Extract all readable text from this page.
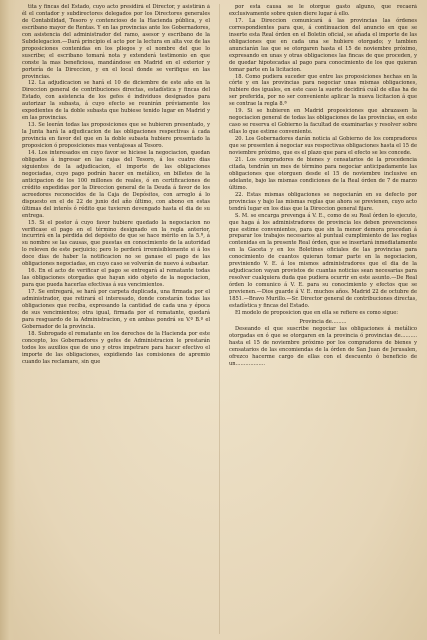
tita y fincas del Estado, cuyo acto presidirá el Director, y asistirán á él el contador y subdirectores delegados por los Directores generales de Contabilidad, Tesoro y contencioso de la Hacienda pública, y el escribano mayor de Rentas. Y en las provincias ante los Gobernadores, con asistencia del administrador del ramo, asesor y escribano de la Subdelegacion.—Dará principio el acto por la lectura en alta voz de las proposiciones contenidas en los pliegos y el nombre del que lo suscribe; el escribano tomará nota y extenderá testimonio en que conste la mas beneficiosa, mandándose en Madrid en el exterior y portería de la Direccion, y en el local donde se verifique en las provincias.

12. La adjudicacion se hará el 10 de diciembre de este año en la Direccion general de contribuciones directas, estadística y fincas del Estado, con asistencia de los gefes é individuos designados para autorizar la subasta, á cuyo efecto se reunirán préviamente los expedientes de la doble subasta que hubiese tenido lugar en Madrid y en las provincias.

13. Se leerán todas las proposiciones que se hubieren presentado, y la Junta hará la adjudicacion de las obligaciones respectivas á cada provincia en favor del que en la doble subasta hubiere presentado la proposicion ó proposiciones mas ventajosas al Tesoro.

14. Los interesados en cuyo favor se hiciese la negociacion, quedan obligados á ingresar en las cajas del Tesoro, á los cuatro dias siguientes de la adjudicacion, el importe de las obligaciones negociadas, cuyo pago podrán hacer en metálico, en billetes de la anticipacion de los 100 millones de reales, ó en certificaciones de crédito expedidas por la Direccion general de la Deuda á favor de los acreedores reconocidos de la Caja de Depósitos, con arreglo á lo dispuesto en el de 22 de junio del año último, con abono en estas últimas del interés ó rédito que tuvieren devengado hasta el dia de su entrega.

15. Si el postor á cuyo favor hubiere quedado la negociacion no verificase el pago en el término designado en la regla anterior, incurrirá en la pérdida del depósito de que se hace mérito en la 5.ª, á su nombre se las causas, que puestas en conocimiento de la autoridad lo releven de este perjuicio; pero lo perderá irremisiblemente si á los doce dias de haber la notificacion no se ganase el pago de las obligaciones negociadas, en cuyo caso se volverán de nuevo á subastar.

16. En el acto de verificar el pago se entregará al rematante todas las obligaciones otorgadas que hayan sido objeto de la negociacion, para que pueda hacerlas efectivas á sus vencimientos.

17. Se entregará, se hará por carpeta duplicada, una firmada por el administrador, que retirará el interesado, donde constarán todas las obligaciones que reciba, expresando la cantidad de cada una y época de sus vencimientos; otra igual, firmada por el rematante, quedará para resguardo de la Administracion, y en ambas pondrá su V.º B.º el Gobernador de la provincia.

18. Subrogado el rematante en los derechos de la Hacienda por este concepto, los Gobernadores y gefes de Administracion le prestarán todos los auxilios que de uno y otros impetrare para hacer efectivo el importe de las obligaciones, expidiendo las comisiones de apremio cuando las reclamare, sin que

por esta causa se le otorgue gasto alguno, que recaerá exclusivamente sobre quien diere lugar á ello.

17. La Direccion comunicará á las provincias las órdenes correspondientes para que, á continuacion del anuncio en que se inserte esta Real órden en el Boletin oficial, se añada el importe de las obligaciones que en cada una se hubiere otorgado; y tambien anunciarán las que se otorgaren hasta el 15 de noviembre próximo, expresando en unas y otras obligaciones las fincas de que proceden, y de quedar hipotecadas al pago para conocimiento de los que quieran tomar parte en la licitacion.

18. Como pudiera suceder que entre las proposiciones hechas en la córte y en las provincias para negociar unas mismas obligaciones, hubiere dos iguales, en este caso la suerte decidirá cuál de ellas ha de ser preferida, por no ser conveniente aplicar la nueva licitacion á que se contrae la regla 8.ª

19. Si se hubieren en Madrid proposiciones que abrazasen la negociacion general de todas las obligaciones de las provincias, en este caso se reserva el Gobierno la facultad de examinarlas y resolver sobre ellas lo que estime conveniente.

20. Los Gobernadores darán noticia al Gobierno de los compradores que se presenten á negociar sus respectivas obligaciones hasta el 15 de noviembre próximo, que es el plazo que para el efecto se les concede.

21. Los compradores de bienes y censatarios de la procedencia citada, tendrán un mes de término para negociar anticipadamente las obligaciones que otorguen desde el 15 de noviembre inclusive en adelante, bajo las mismas condiciones de la Real órden de 7 de marzo último.

22. Estas mismas obligaciones se negociarán en su defecto por provincias y bajo las mismas reglas que ahora se previenen, cuyo acto tendrá lugar en los dias que la Direccion general fijare.

S. M. se encarga prevenga á V. E., como de su Real órden lo ejecuto, que haga á los administradores de provincia les deben prevenciones que estime convenientes, para que sin la menor demora procedan á preparar los trabajos necesarios al puntual cumplimiento de las reglas contenidas en la presente Real órden, que se insertará inmediatamente en la Gaceta y en los Boletines oficiales de las provincias para conocimiento de cuantos quieran tomar parte en la negociacion, previniendo V. E. á los mismos administradores que el dia de la adjudicacion vayan provistos de cuantas noticias sean necesarias para resolver cualquiera duda que pudiera ocurrir en este asunto.—De Real órden lo comunico á V. E. para su conocimiento y efectos que se previenen.—Dios guarde á V. E. muchos años. Madrid 22 de octubre de 1851.—Bravo Murillo.—Sr. Director general de contribuciones directas, estadística y fincas del Estado.

El modelo de proposicion que en ella se refiere es como sigue:

Provincia de.........

Deseando el que suscribe negociar las obligaciones á metálico otorgadas en ó que se otorgaren en la provincia ó provincias de.......... hasta el 15 de noviembre próximo por los compradores de bienes y censatarios de las encomiendas de la órden de San Juan de Jerusalen, ofrezco hacerme cargo de ellas con el descuento ó beneficio de un..................
